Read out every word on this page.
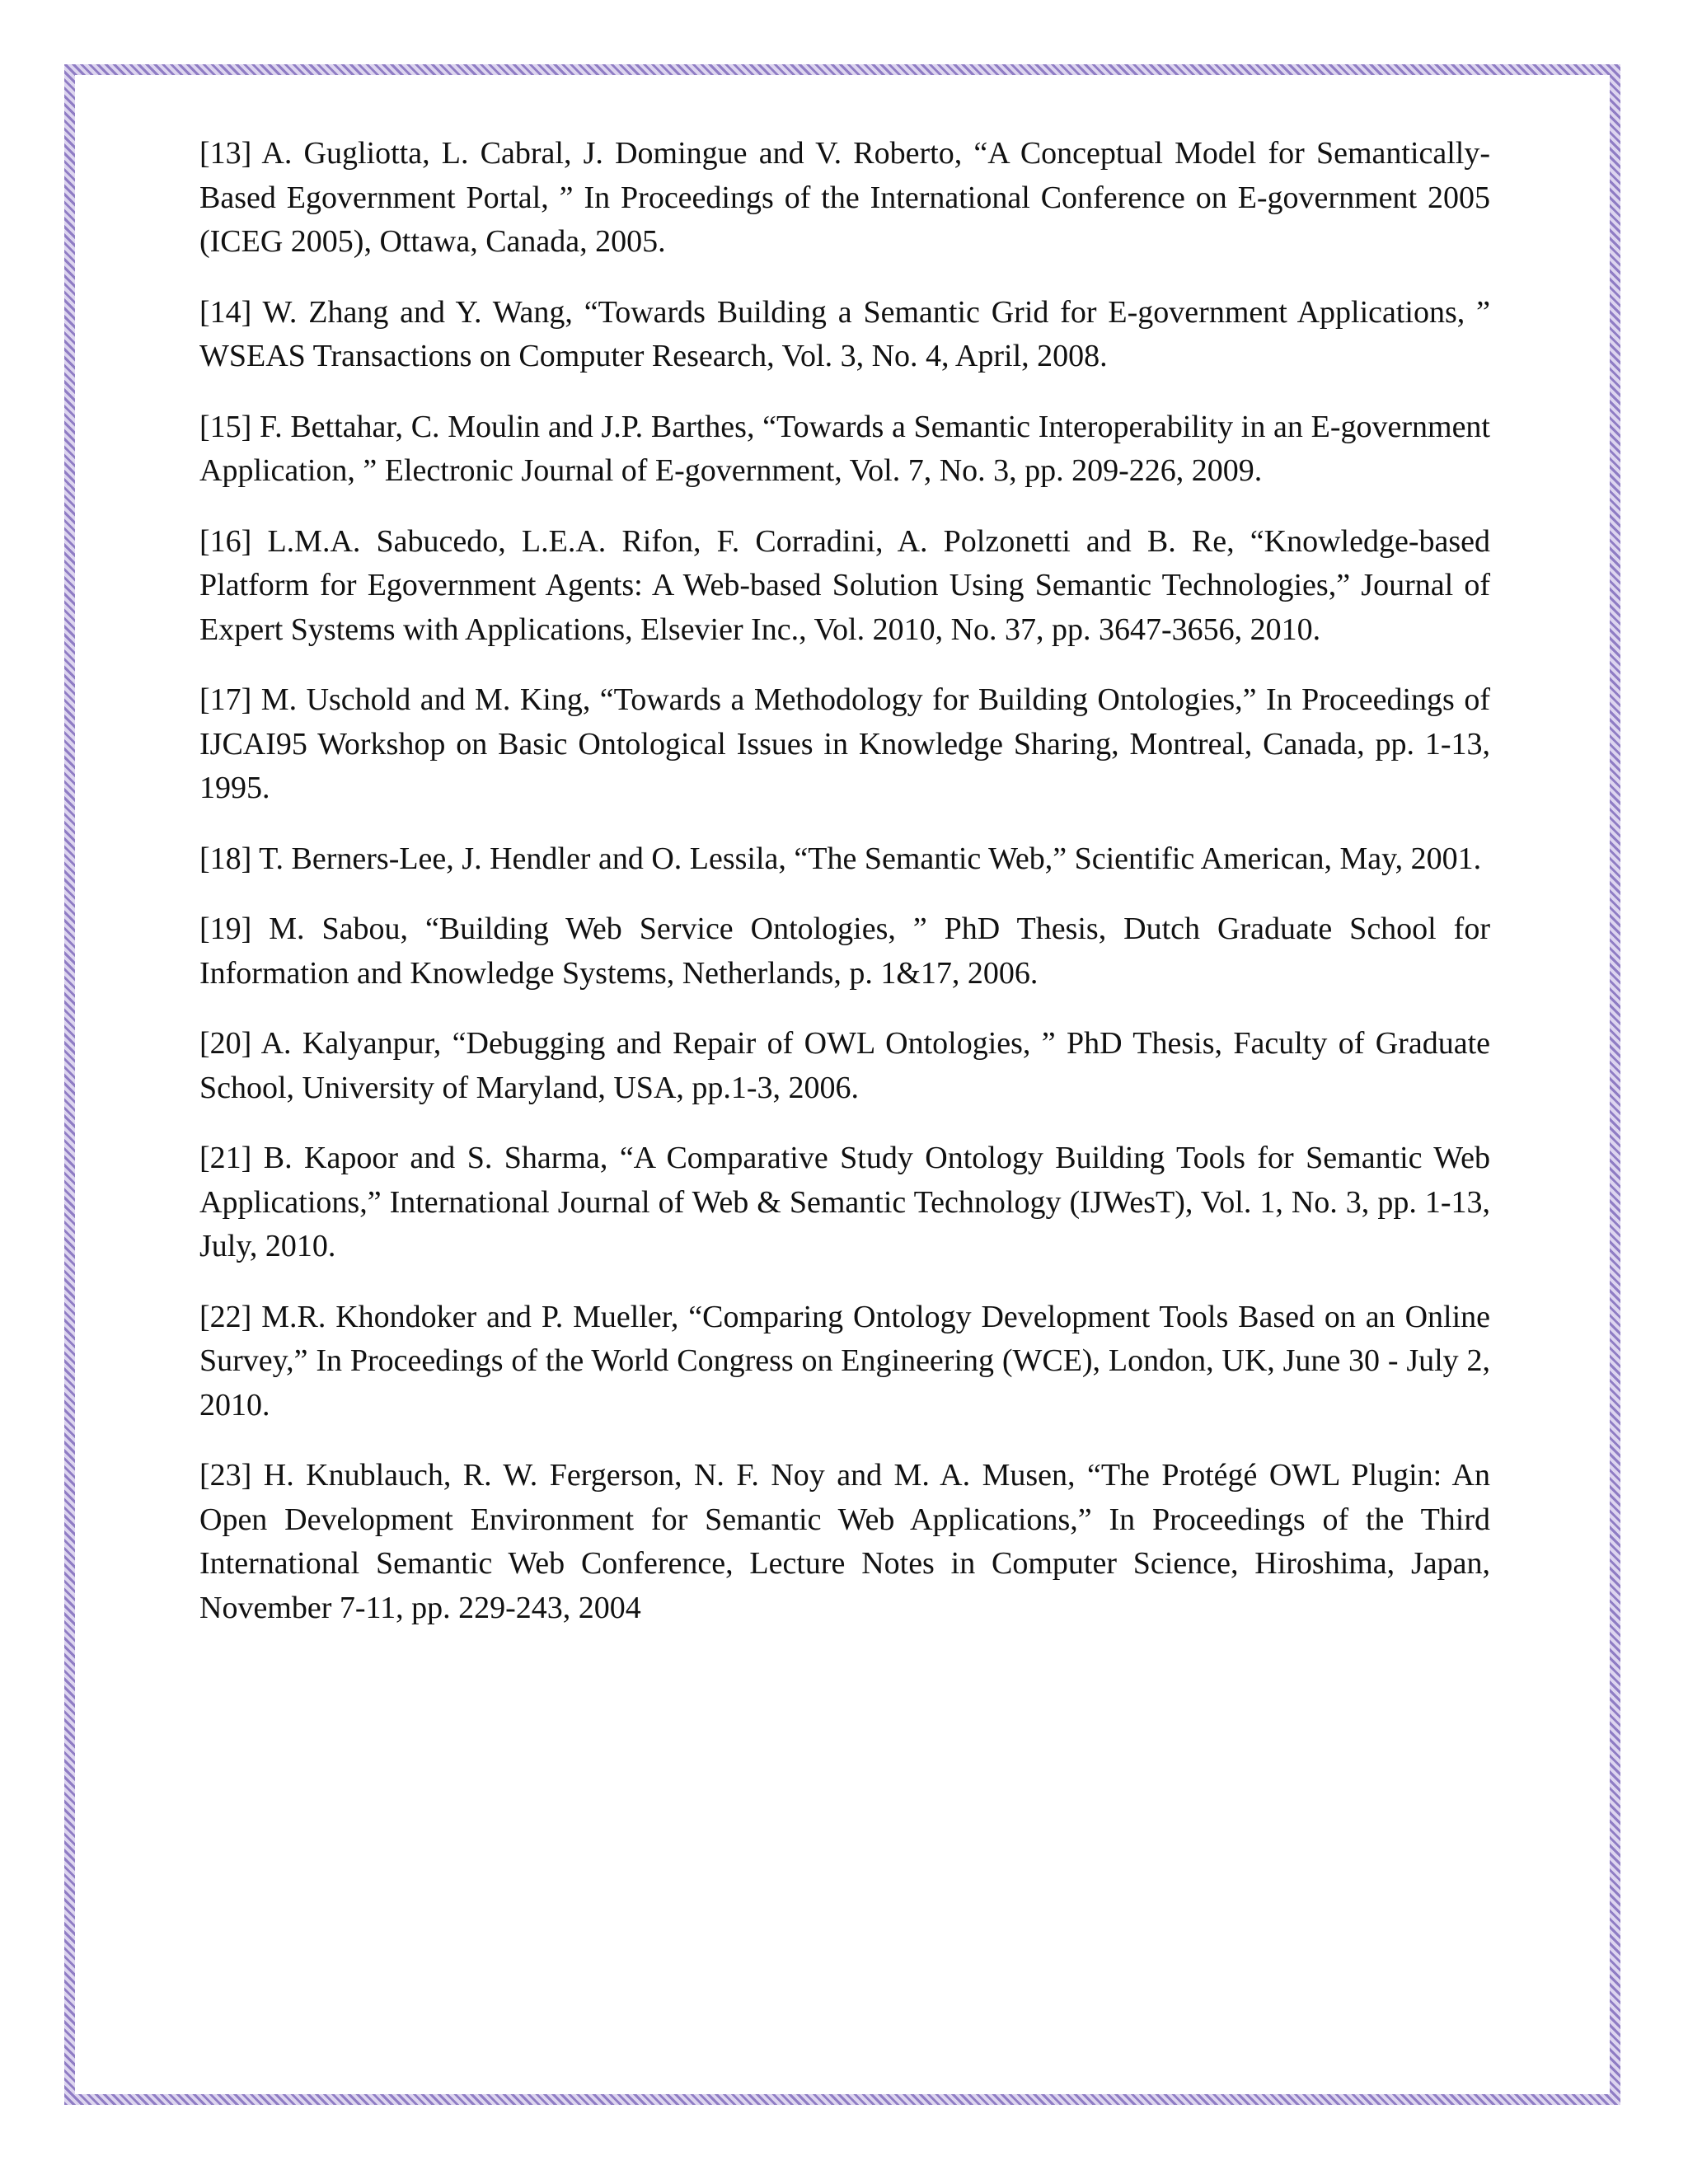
[13] A. Gugliotta, L. Cabral, J. Domingue and V. Roberto, “A Conceptual Model for Semantically-Based Egovernment Portal, ” In Proceedings of the International Conference on E-government 2005 (ICEG 2005), Ottawa, Canada, 2005.

[14] W. Zhang and Y. Wang, “Towards Building a Semantic Grid for E-government Applications, ” WSEAS Transactions on Computer Research, Vol. 3, No. 4, April, 2008.

[15] F. Bettahar, C. Moulin and J.P. Barthes, “Towards a Semantic Interoperability in an E-government Application, ” Electronic Journal of E-government, Vol. 7, No. 3, pp. 209-226, 2009.

[16] L.M.A. Sabucedo, L.E.A. Rifon, F. Corradini, A. Polzonetti and B. Re, “Knowledge-based Platform for Egovernment Agents: A Web-based Solution Using Semantic Technologies,” Journal of Expert Systems with Applications, Elsevier Inc., Vol. 2010, No. 37, pp. 3647-3656, 2010.

[17] M. Uschold and M. King, “Towards a Methodology for Building Ontologies,” In Proceedings of IJCAI95 Workshop on Basic Ontological Issues in Knowledge Sharing, Montreal, Canada, pp. 1-13, 1995.

[18] T. Berners-Lee, J. Hendler and O. Lessila, “The Semantic Web,” Scientific American, May, 2001.

[19] M. Sabou, “Building Web Service Ontologies, ” PhD Thesis, Dutch Graduate School for Information and Knowledge Systems, Netherlands, p. 1&17, 2006.

[20] A. Kalyanpur, “Debugging and Repair of OWL Ontologies, ” PhD Thesis, Faculty of Graduate School, University of Maryland, USA, pp.1-3, 2006.

[21] B. Kapoor and S. Sharma, “A Comparative Study Ontology Building Tools for Semantic Web Applications,” International Journal of Web & Semantic Technology (IJWesT), Vol. 1, No. 3, pp. 1-13, July, 2010.

[22] M.R. Khondoker and P. Mueller, “Comparing Ontology Development Tools Based on an Online Survey,” In Proceedings of the World Congress on Engineering (WCE), London, UK, June 30 - July 2, 2010.

[23] H. Knublauch, R. W. Fergerson, N. F. Noy and M. A. Musen, “The Protégé OWL Plugin: An Open Development Environment for Semantic Web Applications,” In Proceedings of the Third International Semantic Web Conference, Lecture Notes in Computer Science, Hiroshima, Japan, November 7-11, pp. 229-243, 2004
